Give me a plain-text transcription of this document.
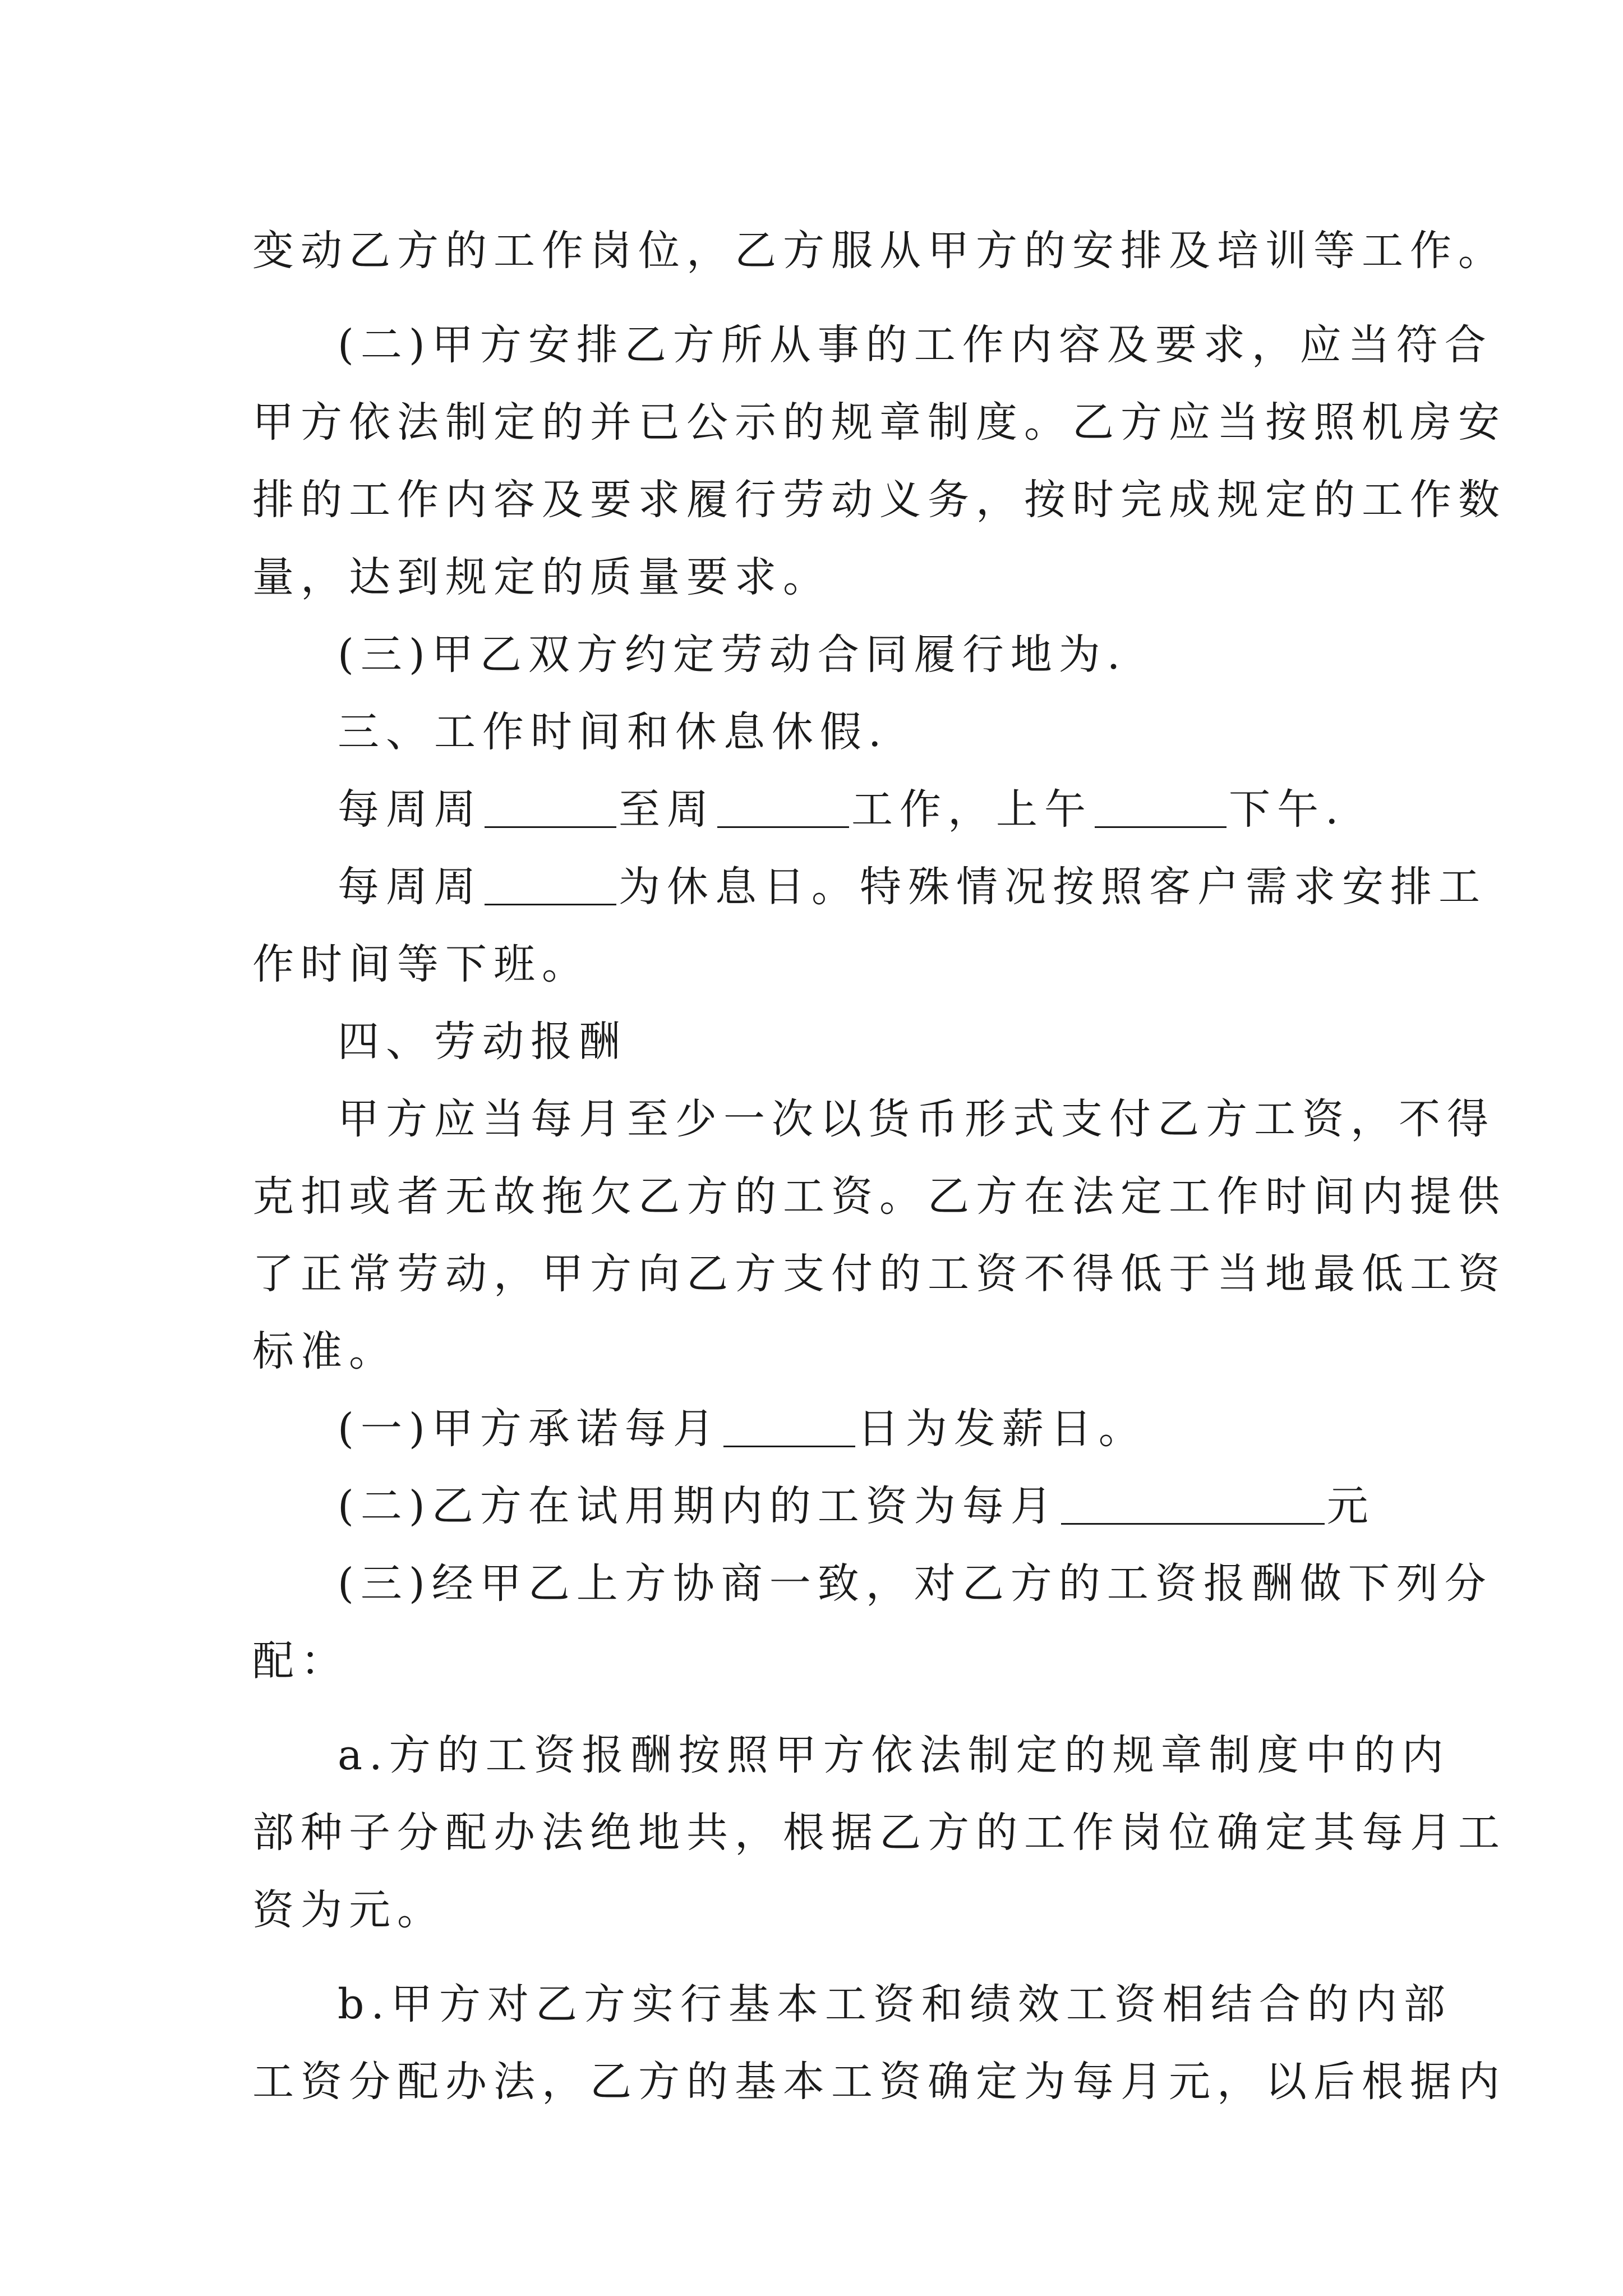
变动乙方的工作岗位，乙方服从甲方的安排及培训等工作。
(二)甲方安排乙方所从事的工作内容及要求，应当符合
甲方依法制定的并已公示的规章制度。乙方应当按照机房安
排的工作内容及要求履行劳动义务，按时完成规定的工作数
量，达到规定的质量要求。
(三)甲乙双方约定劳动合同履行地为.
三、工作时间和休息休假.
每周周	至周	工作，上午	下午.
每周周	为休息日。特殊情况按照客户需求安排工
作时间等下班。
四、劳动报酬
甲方应当每月至少一次以货币形式支付乙方工资，不得
克扣或者无故拖欠乙方的工资。乙方在法定工作时间内提供
了正常劳动，甲方向乙方支付的工资不得低于当地最低工资
标准。
(一)甲方承诺每月	日为发薪日。
(二)乙方在试用期内的工资为每月	元
(三)经甲乙上方协商一致，对乙方的工资报酬做下列分
配：
a.方的工资报酬按照甲方依法制定的规章制度中的内
部种子分配办法绝地共，根据乙方的工作岗位确定其每月工
资为元。
b.甲方对乙方实行基本工资和绩效工资相结合的内部
工资分配办法，乙方的基本工资确定为每月元，以后根据内
